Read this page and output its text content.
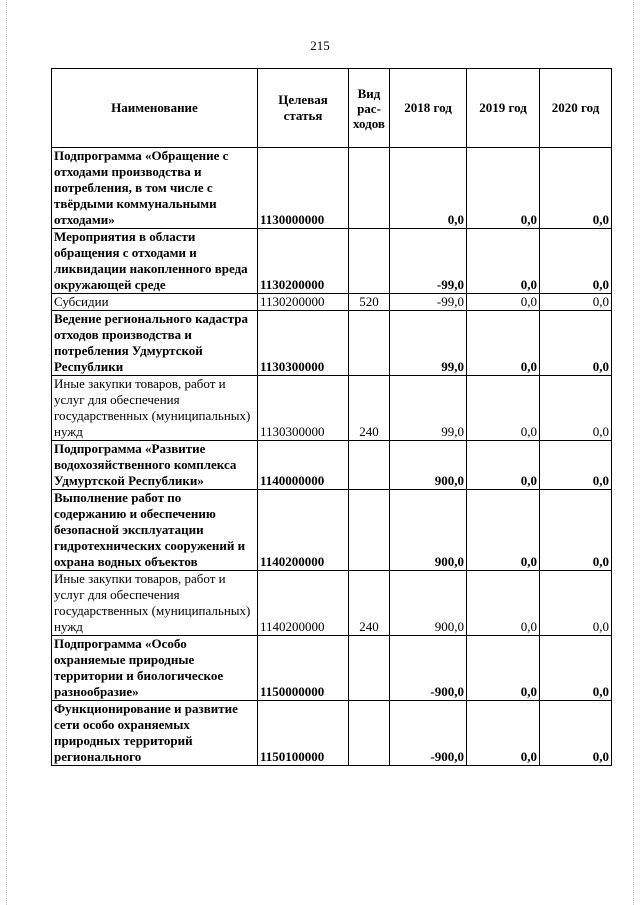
215
Наименование	Целевая статья	Вид рас-ходов	2018 год	2019 год	2020 год
Подпрограмма «Обращение с отходами производства и потребления, в том числе с твёрдыми коммунальными отходами»	1130000000		0,0	0,0	0,0
Мероприятия в области обращения с отходами и ликвидации накопленного вреда окружающей среде	1130200000		-99,0	0,0	0,0
Субсидии	1130200000	520	-99,0	0,0	0,0
Ведение регионального кадастра отходов производства и потребления Удмуртской Республики	1130300000		99,0	0,0	0,0
Иные закупки товаров, работ и услуг для обеспечения государственных (муниципальных) нужд	1130300000	240	99,0	0,0	0,0
Подпрограмма «Развитие водохозяйственного комплекса Удмуртской Республики»	1140000000		900,0	0,0	0,0
Выполнение работ по содержанию и обеспечению безопасной эксплуатации гидротехнических сооружений и охрана водных объектов	1140200000		900,0	0,0	0,0
Иные закупки товаров, работ и услуг для обеспечения государственных (муниципальных) нужд	1140200000	240	900,0	0,0	0,0
Подпрограмма «Особо охраняемые природные территории и биологическое разнообразие»	1150000000		-900,0	0,0	0,0
Функционирование и развитие сети особо охраняемых природных территорий регионального	1150100000		-900,0	0,0	0,0
